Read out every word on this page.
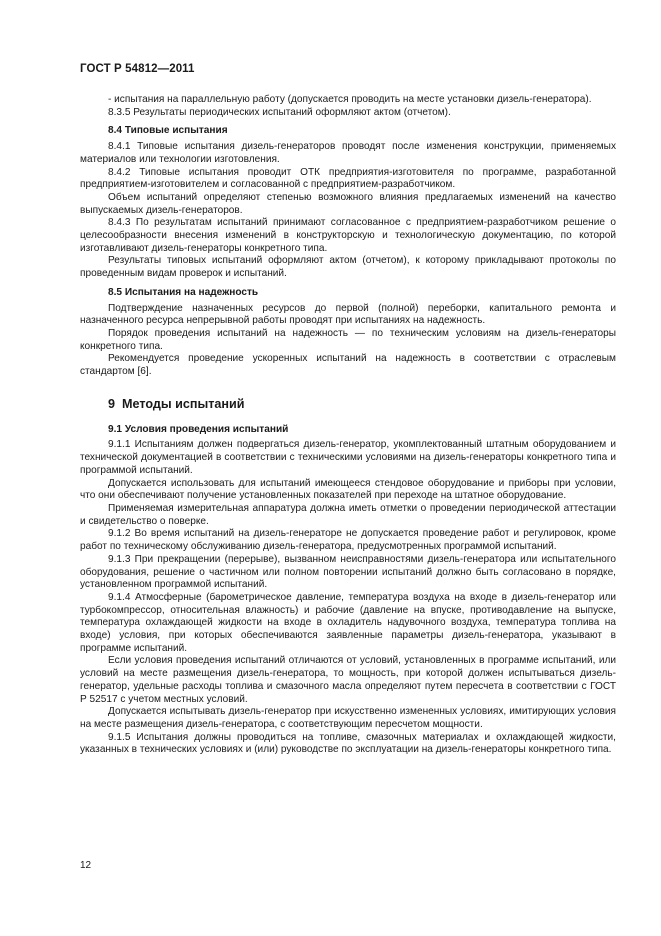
ГОСТ Р 54812—2011

- испытания на параллельную работу (допускается проводить на месте установки дизель-генератора).

8.3.5 Результаты периодических испытаний оформляют актом (отчетом).

8.4 Типовые испытания

8.4.1 Типовые испытания дизель-генераторов проводят после изменения конструкции, применяемых материалов или технологии изготовления.

8.4.2 Типовые испытания проводит ОТК предприятия-изготовителя по программе, разработанной предприятием-изготовителем и согласованной с предприятием-разработчиком.

Объем испытаний определяют степенью возможного влияния предлагаемых изменений на качество выпускаемых дизель-генераторов.

8.4.3 По результатам испытаний принимают согласованное с предприятием-разработчиком решение о целесообразности внесения изменений в конструкторскую и технологическую документацию, по которой изготавливают дизель-генераторы конкретного типа.

Результаты типовых испытаний оформляют актом (отчетом), к которому прикладывают протоколы по проведенным видам проверок и испытаний.

8.5 Испытания на надежность

Подтверждение назначенных ресурсов до первой (полной) переборки, капитального ремонта и назначенного ресурса непрерывной работы проводят при испытаниях на надежность.

Порядок проведения испытаний на надежность — по техническим условиям на дизель-генераторы конкретного типа.

Рекомендуется проведение ускоренных испытаний на надежность в соответствии с отраслевым стандартом [6].

9 Методы испытаний
9.1 Условия проведения испытаний

9.1.1 Испытаниям должен подвергаться дизель-генератор, укомплектованный штатным оборудованием и технической документацией в соответствии с техническими условиями на дизель-генераторы конкретного типа и программой испытаний.

Допускается использовать для испытаний имеющееся стендовое оборудование и приборы при условии, что они обеспечивают получение установленных показателей при переходе на штатное оборудование.

Применяемая измерительная аппаратура должна иметь отметки о проведении периодической аттестации и свидетельство о поверке.

9.1.2 Во время испытаний на дизель-генераторе не допускается проведение работ и регулировок, кроме работ по техническому обслуживанию дизель-генератора, предусмотренных программой испытаний.

9.1.3 При прекращении (перерыве), вызванном неисправностями дизель-генератора или испытательного оборудования, решение о частичном или полном повторении испытаний должно быть согласовано в порядке, установленном программой испытаний.

9.1.4 Атмосферные (барометрическое давление, температура воздуха на входе в дизель-генератор или турбокомпрессор, относительная влажность) и рабочие (давление на впуске, противодавление на выпуске, температура охлаждающей жидкости на входе в охладитель надувочного воздуха, температура топлива на входе) условия, при которых обеспечиваются заявленные параметры дизель-генератора, указывают в программе испытаний.

Если условия проведения испытаний отличаются от условий, установленных в программе испытаний, или условий на месте размещения дизель-генератора, то мощность, при которой должен испытываться дизель-генератор, удельные расходы топлива и смазочного масла определяют путем пересчета в соответствии с ГОСТ Р 52517 с учетом местных условий.

Допускается испытывать дизель-генератор при искусственно измененных условиях, имитирующих условия на месте размещения дизель-генератора, с соответствующим пересчетом мощности.

9.1.5 Испытания должны проводиться на топливе, смазочных материалах и охлаждающей жидкости, указанных в технических условиях и (или) руководстве по эксплуатации на дизель-генераторы конкретного типа.

12
